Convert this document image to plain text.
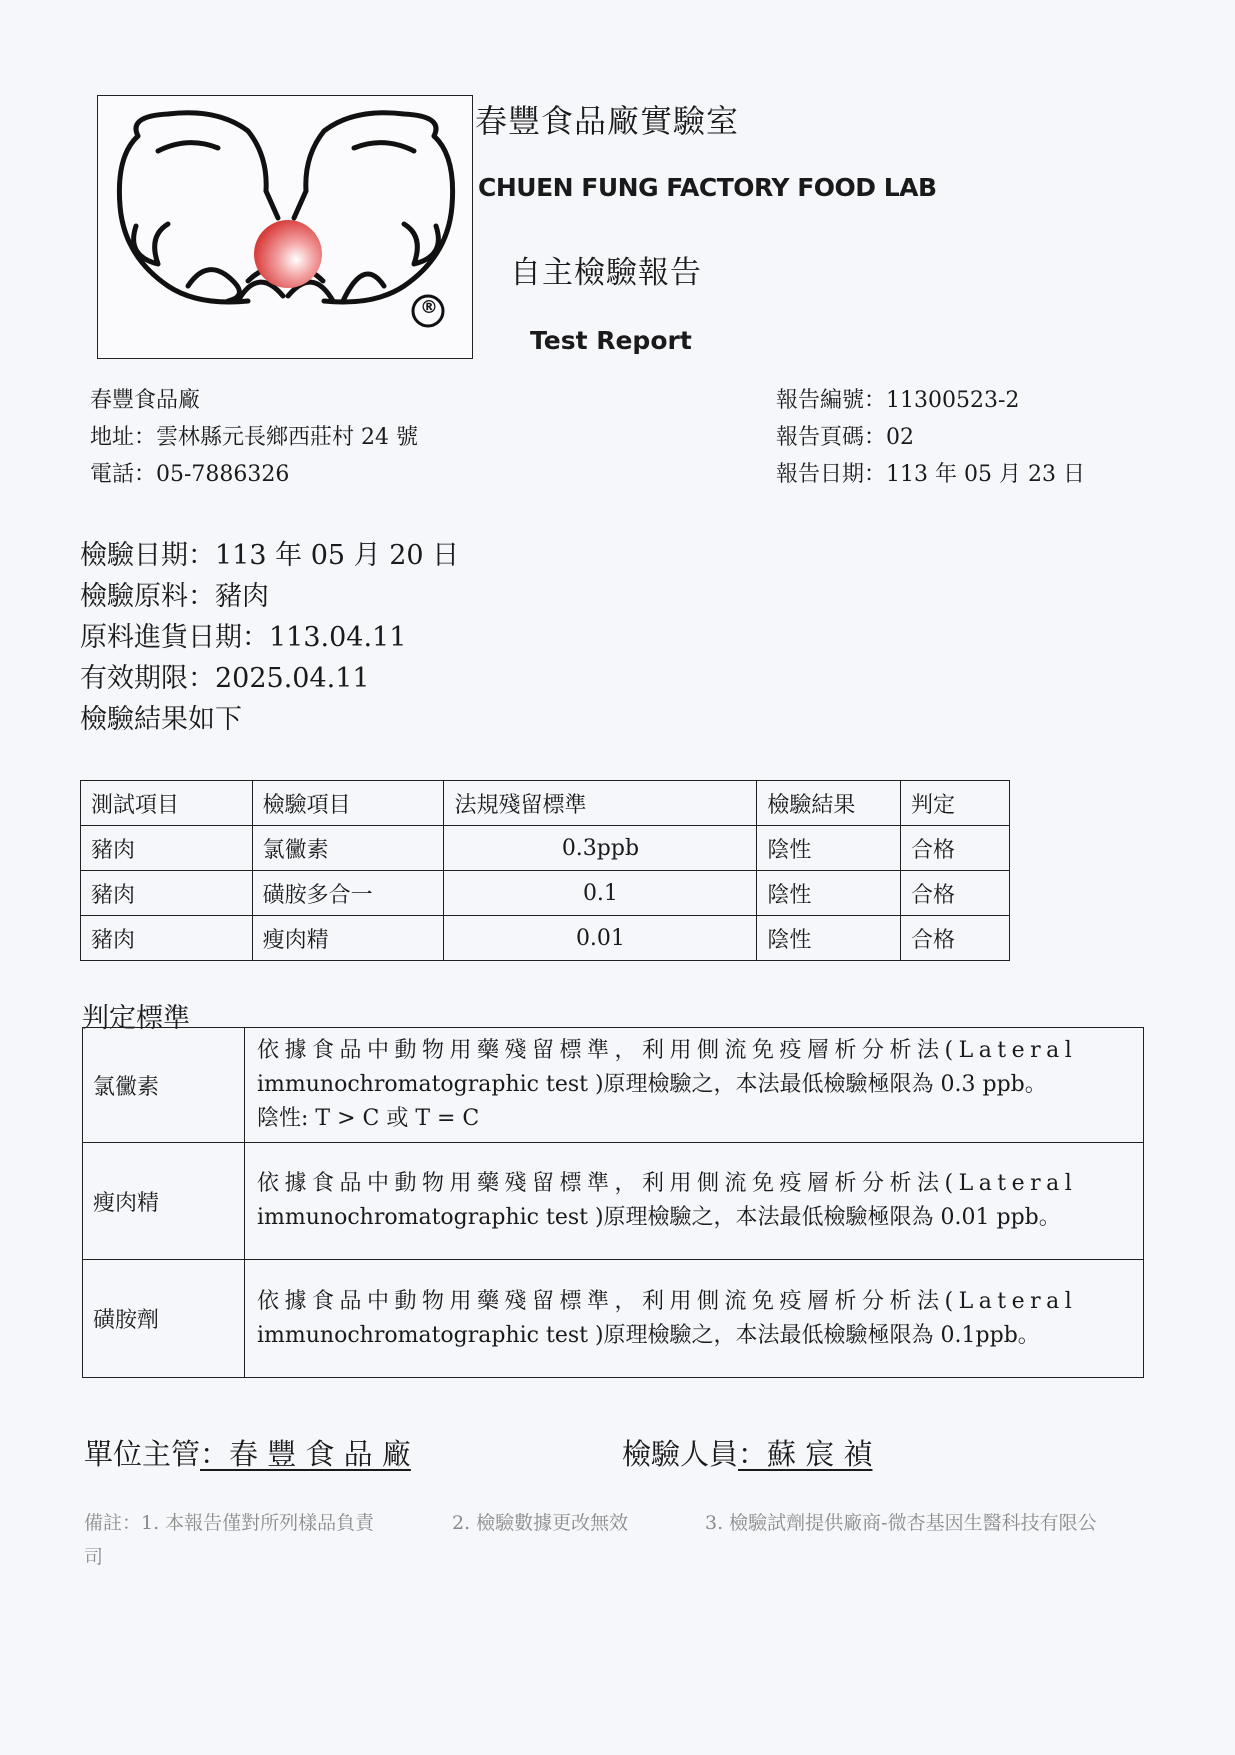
®
春豐食品廠實驗室
CHUEN FUNG FACTORY FOOD LAB
自主檢驗報告
Test Report
春豐食品廠
地址：雲林縣元長鄉西莊村 24 號
電話：05-7886326
報告編號：11300523-2
報告頁碼：02
報告日期：113 年 05 月 23 日
檢驗日期：113 年 05 月 20 日
檢驗原料：豬肉
原料進貨日期：113.04.11
有效期限：2025.04.11
檢驗結果如下
測試項目	檢驗項目	法規殘留標準	檢驗結果	判定
豬肉	氯黴素	0.3ppb	陰性	合格
豬肉	磺胺多合一	0.1	陰性	合格
豬肉	瘦肉精	0.01	陰性	合格
判定標準
氯黴素	依據食品中動物用藥殘留標準，利用側流免疫層析分析法(Lateral
immunochromatographic test )原理檢驗之，本法最低檢驗極限為 0.3 ppb。
陰性: T > C 或 T = C

瘦肉精	依據食品中動物用藥殘留標準，利用側流免疫層析分析法(Lateral
immunochromatographic test )原理檢驗之，本法最低檢驗極限為 0.01 ppb。

磺胺劑	依據食品中動物用藥殘留標準，利用側流免疫層析分析法(Lateral
immunochromatographic test )原理檢驗之，本法最低檢驗極限為 0.1ppb。
單位主管：春 豐 食 品 廠	檢驗人員：蘇 宸 禎
備註：1. 本報告僅對所列樣品負責	2. 檢驗數據更改無效	3. 檢驗試劑提供廠商-微杏基因生醫科技有限公
司
